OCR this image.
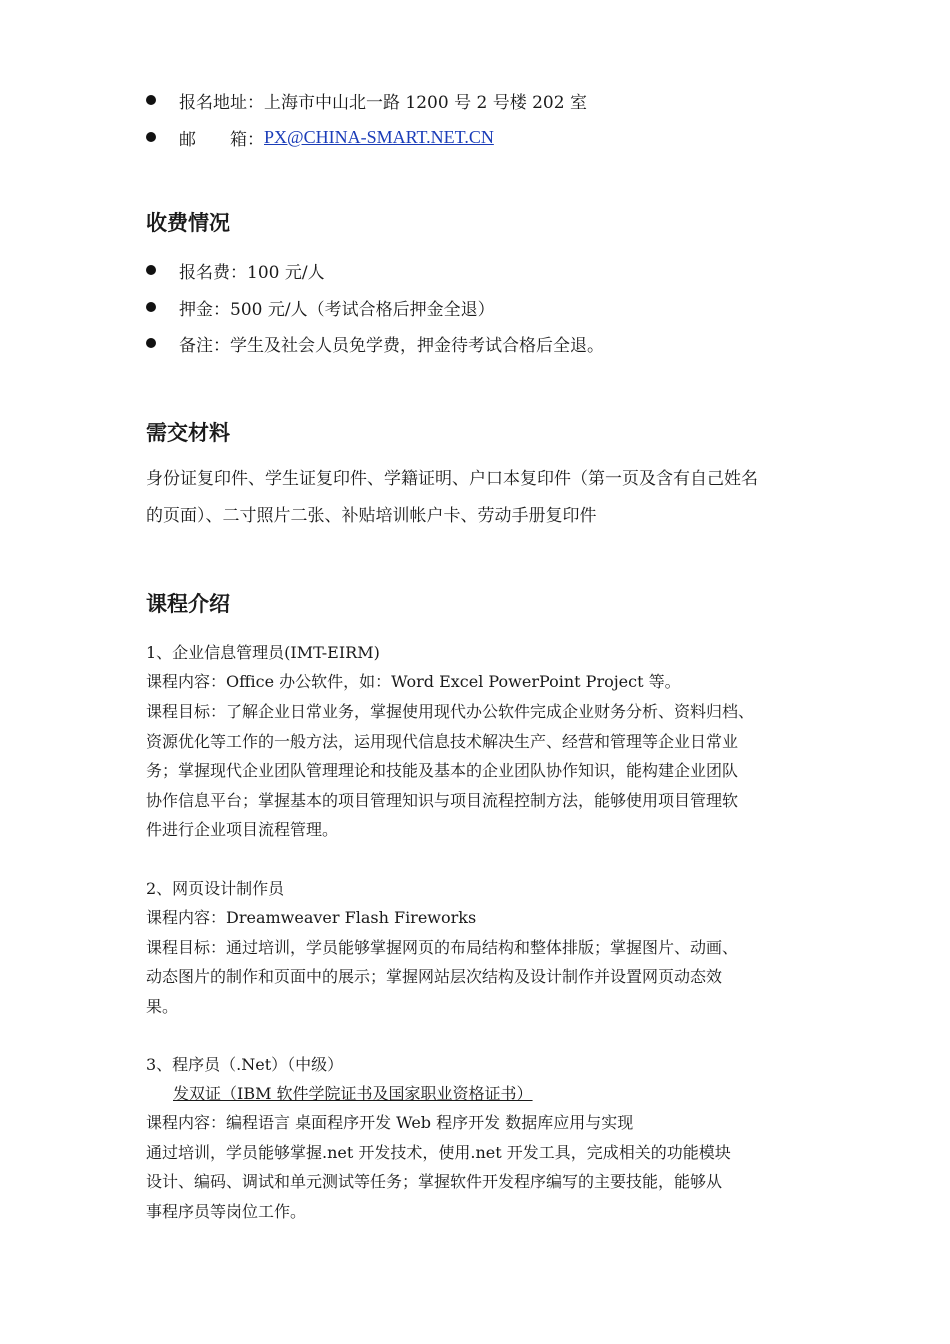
报名地址： 上海市中山北一路 1200 号 2 号楼 202 室
邮　　箱： PX@CHINA-SMART.NET.CN
收费情况
报名费：100 元/人
押金：500 元/人（考试合格后押金全退）
备注：学生及社会人员免学费，押金待考试合格后全退。
需交材料
身份证复印件、学生证复印件、学籍证明、户口本复印件（第一页及含有自己姓名
的页面）、二寸照片二张、补贴培训帐户卡、劳动手册复印件
课程介绍
1、企业信息管理员(IMT-EIRM)
课程内容：Office 办公软件，如：Word Excel PowerPoint Project 等。
课程目标：了解企业日常业务，掌握使用现代办公软件完成企业财务分析、资料归档、
资源优化等工作的一般方法，运用现代信息技术解决生产、经营和管理等企业日常业
务；掌握现代企业团队管理理论和技能及基本的企业团队协作知识，能构建企业团队
协作信息平台；掌握基本的项目管理知识与项目流程控制方法，能够使用项目管理软
件进行企业项目流程管理。
2、网页设计制作员
课程内容：Dreamweaver Flash Fireworks
课程目标：通过培训，学员能够掌握网页的布局结构和整体排版；掌握图片、动画、
动态图片的制作和页面中的展示；掌握网站层次结构及设计制作并设置网页动态效
果。
3、程序员（.Net）（中级）
发双证（IBM 软件学院证书及国家职业资格证书）
课程内容：编程语言 桌面程序开发 Web 程序开发 数据库应用与实现
通过培训，学员能够掌握.net 开发技术，使用.net 开发工具，完成相关的功能模块
设计、编码、调试和单元测试等任务；掌握软件开发程序编写的主要技能，能够从
事程序员等岗位工作。
